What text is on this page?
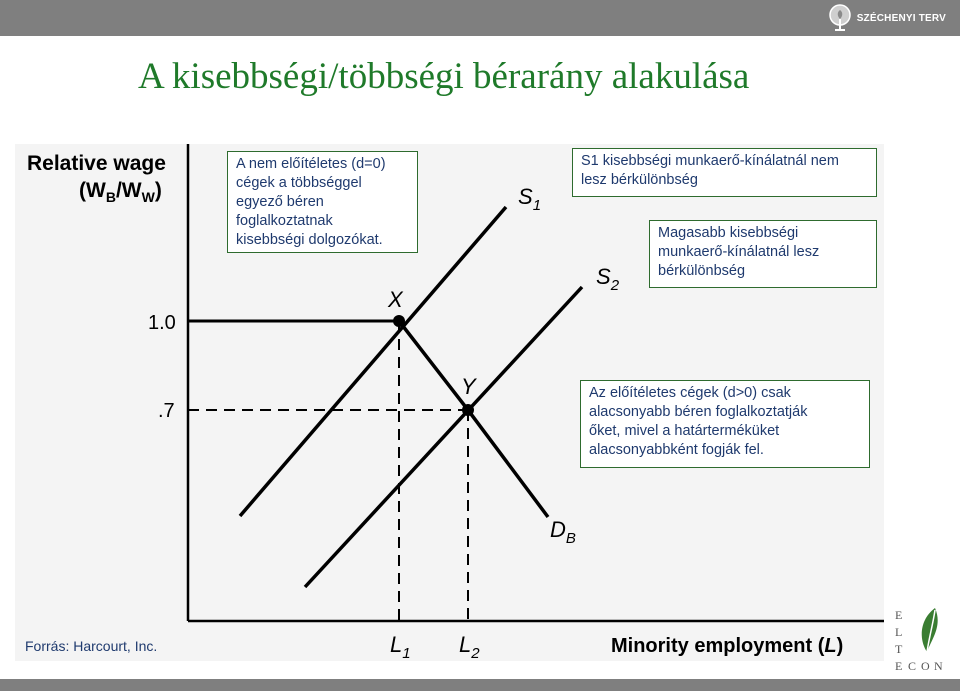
SZÉCHENYI TERV
A kisebbségi/többségi bérarány alakulása
Relative wage
$(W_B/W_W)$
Minority employment (L)
1.0
.7
$S_1$
$S_2$
$D_B$
X
Y
$L_1$ $L_2$
A nem előítéletes (d=0)
cégek a többséggel
egyező béren
foglalkoztatnak
kisebbségi dolgozókat.
S1 kisebbségi munkaerő-kínálatnál nem
lesz bérkülönbség
Magasabb kisebbségi
munkaerő-kínálatnál lesz
bérkülönbség
Az előítéletes cégek (d>0) csak
alacsonyabb béren foglalkoztatják
őket, mivel a határterméküket
alacsonyabbként fogják fel.
Forrás: Harcourt, Inc.
E
L
T
E C O N
